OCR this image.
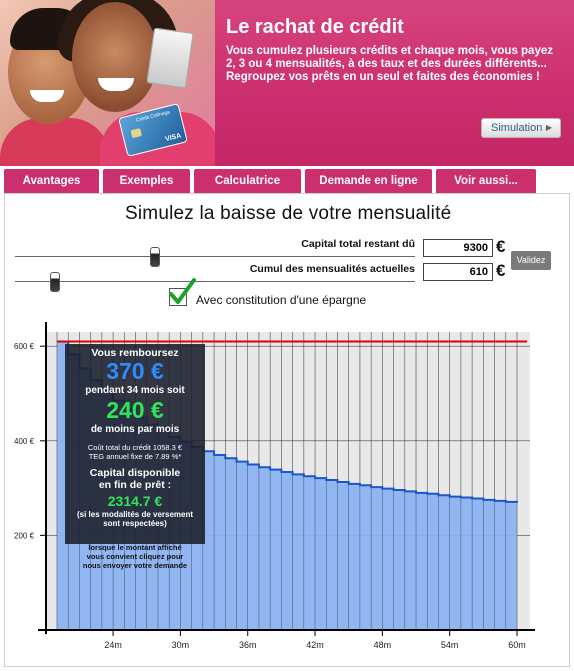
Crédit Cofinoga
VISA
Le rachat de crédit
Vous cumulez plusieurs crédits et chaque mois, vous payez 2, 3 ou 4 mensualités, à des taux et des durées différents... Regroupez vos prêts en un seul et faites des économies !
Simulation ▶
Avantages	Exemples	Calculatrice	Demande en ligne	Voir aussi...
Simulez la baisse de votre mensualité
Capital total restant dû	9300 €
Cumul des mensualités actuelles	610 €
Validez
Avec constitution d'une épargne
600 €
400 €
200 €
24m	30m	36m	42m	48m	54m	60m
Vous remboursez
370 €
pendant 34 mois soit
240 €
de moins par mois
Coût total du crédit 1058.3 €
TEG annuel fixe de 7.89 %*
Capital disponible
en fin de prêt :
2314.7 €
(si les modalités de versement
sont respectées)
lorsque le montant affiché
vous convient cliquez pour
nous envoyer votre demande
